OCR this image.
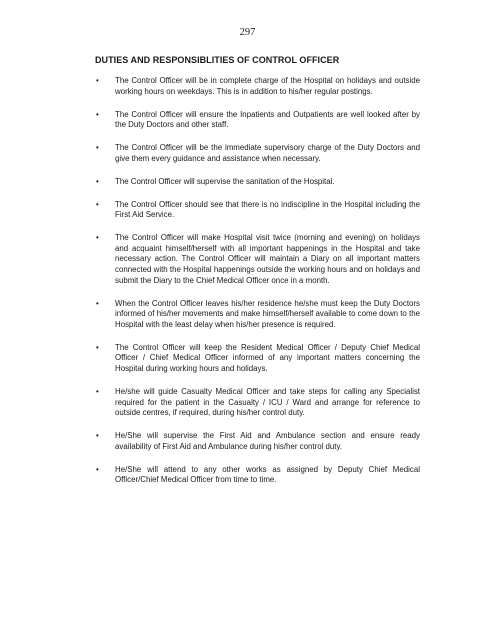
297
DUTIES AND RESPONSIBLITIES OF CONTROL OFFICER
• The Control Officer will be in complete charge of the Hospital on holidays and outside working hours on weekdays. This is in addition to his/her regular postings.
• The Control Officer will ensure the Inpatients and Outpatients are well looked after by the Duty Doctors and other staff.
• The Control Officer will be the immediate supervisory charge of the Duty Doctors and give them every guidance and assistance when necessary.
• The Control Officer will supervise the sanitation of the Hospital.
• The Control Officer should see that there is no indiscipline in the Hospital including the First Aid Service.
• The Control Officer will make Hospital visit twice (morning and evening) on holidays and acquaint himself/herself with all important happenings in the Hospital and take necessary action. The Control Officer will maintain a Diary on all important matters connected with the Hospital happenings outside the working hours and on holidays and submit the Diary to the Chief Medical Officer once in a month.
• When the Control Officer leaves his/her residence he/she must keep the Duty Doctors informed of his/her movements and make himself/herself available to come down to the Hospital with the least delay when his/her presence is required.
• The Control Officer will keep the Resident Medical Officer / Deputy Chief Medical Officer / Chief Medical Officer informed of any important matters concerning the Hospital during working hours and holidays.
• He/she will guide Casualty Medical Officer and take steps for calling any Specialist required for the patient in the Casualty / ICU / Ward and arrange for reference to outside centres, if required, during his/her control duty.
• He/She will supervise the First Aid and Ambulance section and ensure ready availability of First Aid and Ambulance during his/her control duty.
• He/She will attend to any other works as assigned by Deputy Chief Medical Officer/Chief Medical Officer from time to time.
